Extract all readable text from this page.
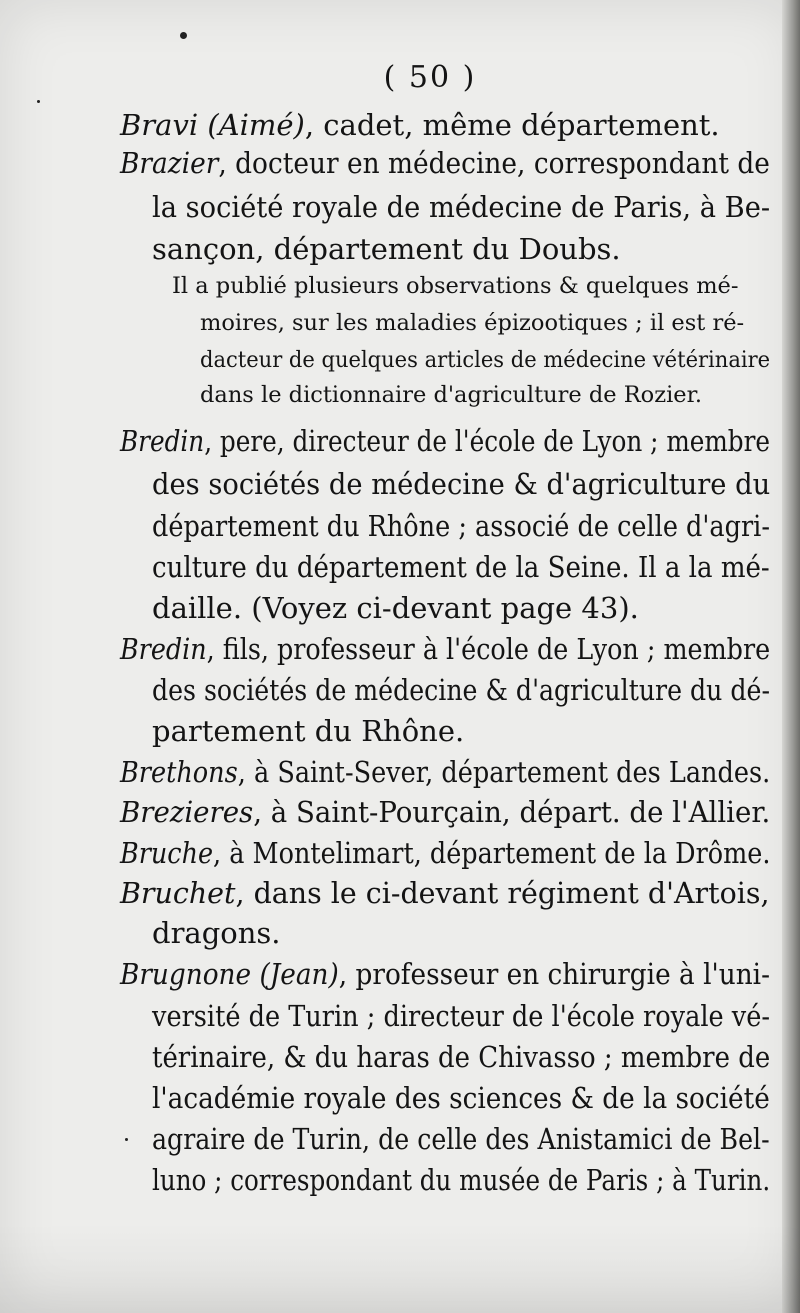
( 50 )
Bravi (Aimé), cadet, même département.
Brazier, docteur en médecine, correspondant de
la société royale de médecine de Paris, à Be-
sançon, département du Doubs.
Il a publié plusieurs observations & quelques mé-
moires, sur les maladies épizootiques ; il est ré-
dacteur de quelques articles de médecine vétérinaire
dans le dictionnaire d'agriculture de Rozier.
Bredin, pere, directeur de l'école de Lyon ; membre
des sociétés de médecine & d'agriculture du
département du Rhône ; associé de celle d'agri-
culture du département de la Seine. Il a la mé-
daille. (Voyez ci-devant page 43).
Bredin, fils, professeur à l'école de Lyon ; membre
des sociétés de médecine & d'agriculture du dé-
partement du Rhône.
Brethons, à Saint-Sever, département des Landes.
Brezieres, à Saint-Pourçain, départ. de l'Allier.
Bruche, à Montelimart, département de la Drôme.
Bruchet, dans le ci-devant régiment d'Artois,
dragons.
Brugnone (Jean), professeur en chirurgie à l'uni-
versité de Turin ; directeur de l'école royale vé-
térinaire, & du haras de Chivasso ; membre de
l'académie royale des sciences & de la société
agraire de Turin, de celle des Anistamici de Bel-
luno ; correspondant du musée de Paris ; à Turin.
